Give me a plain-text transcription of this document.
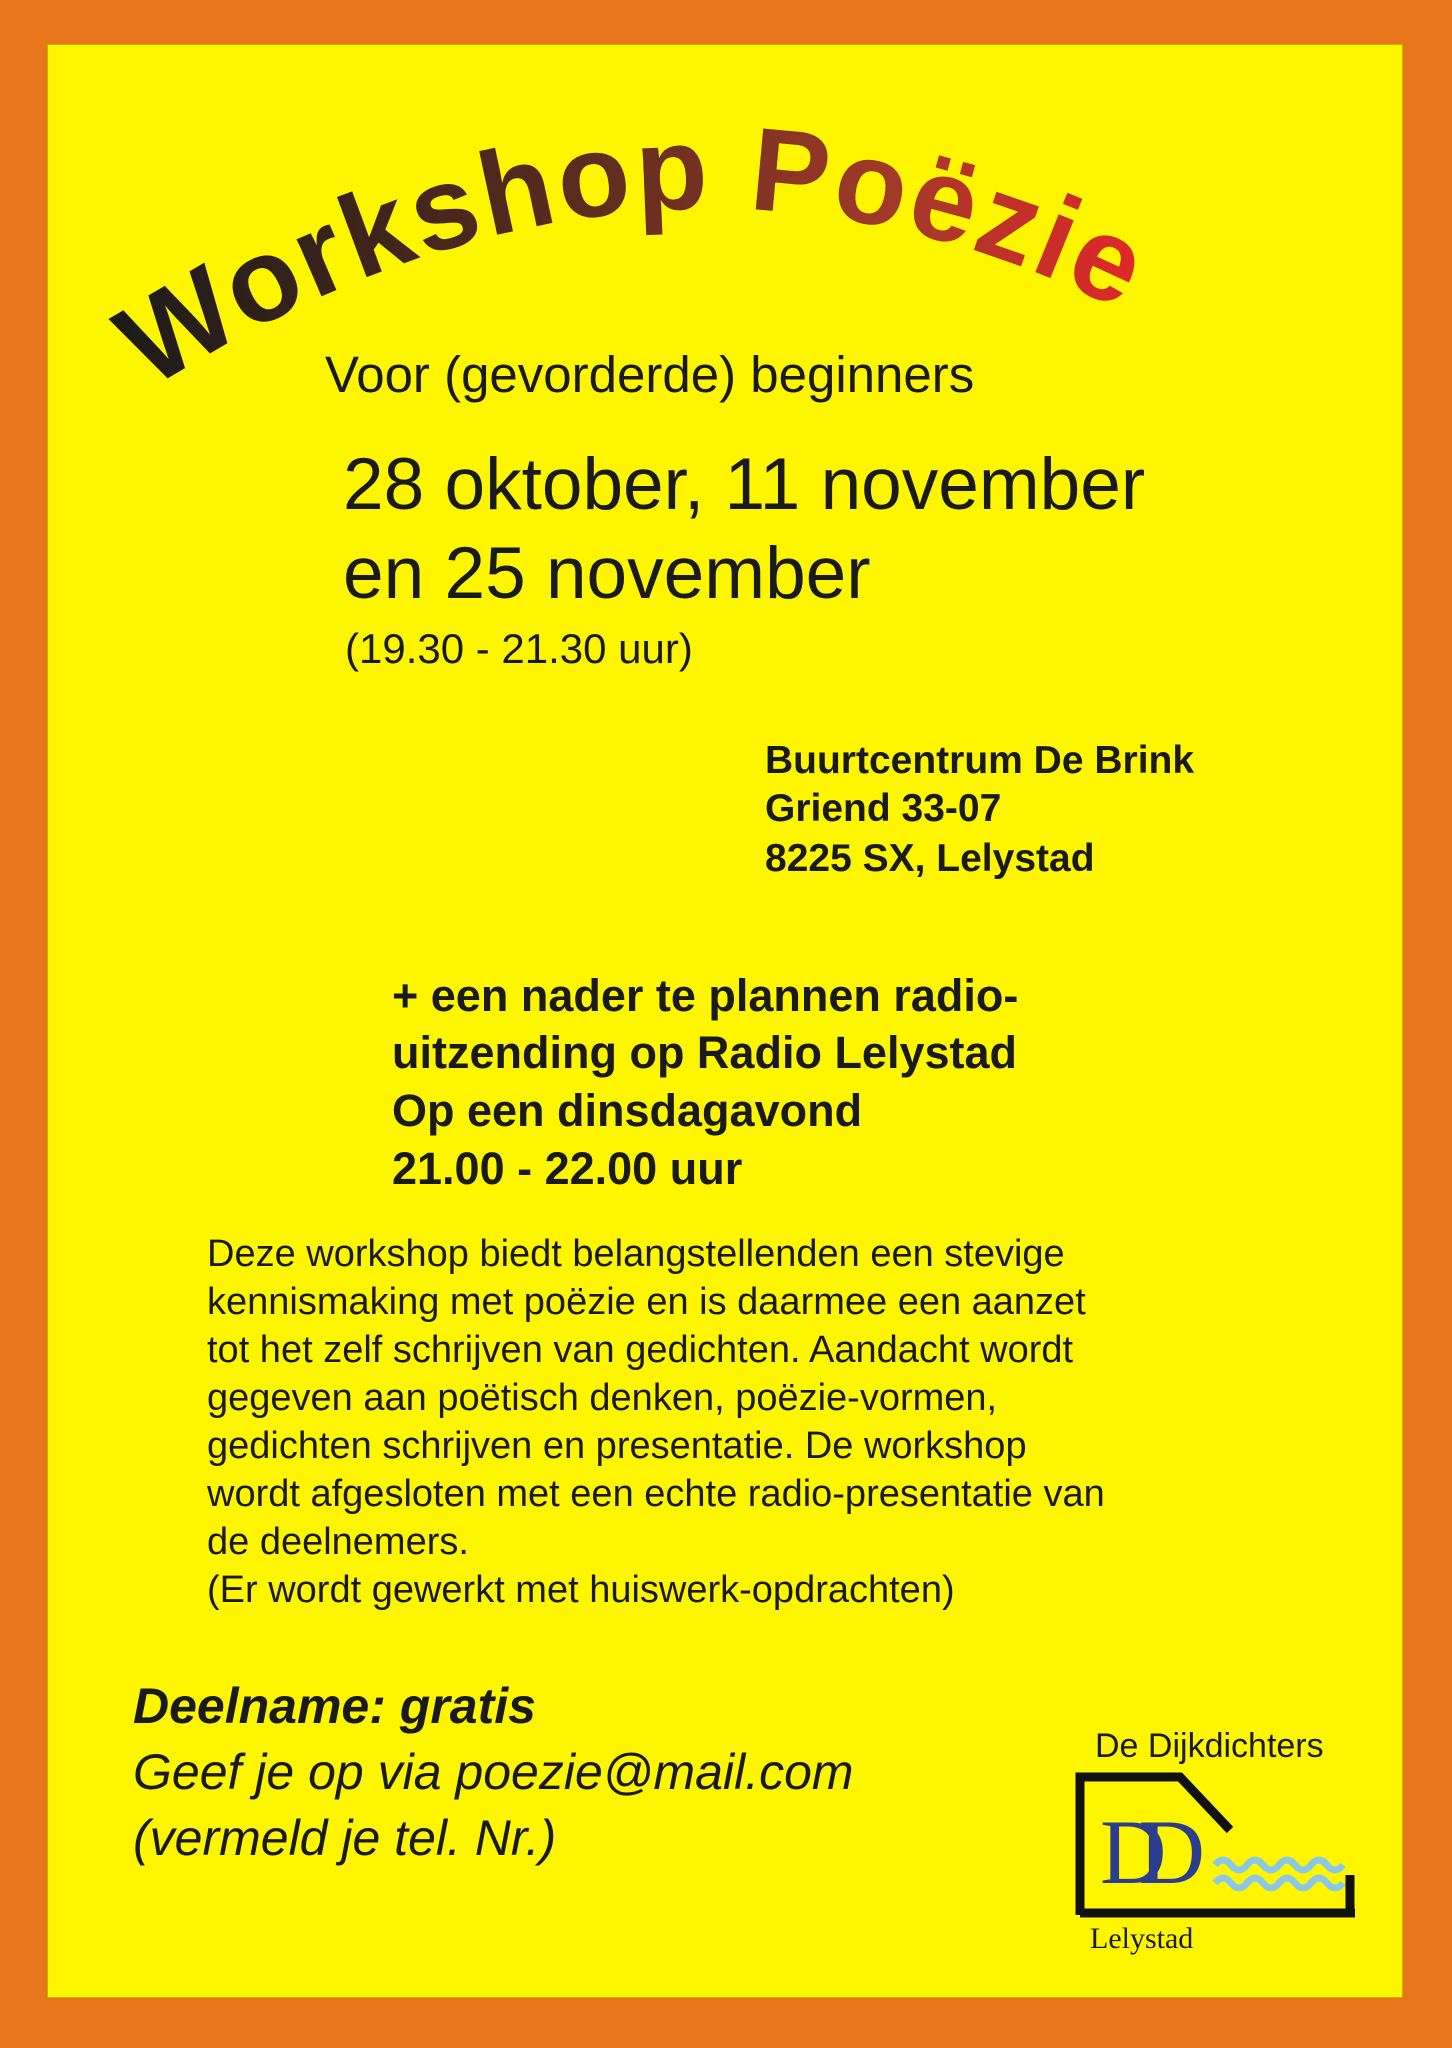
Workshop Poëzie
Voor (gevorderde) beginners
28 oktober, 11 november
en 25 november
(19.30 - 21.30 uur)
Buurtcentrum De Brink
Griend 33-07
8225 SX, Lelystad
+ een nader te plannen radio-
uitzending op Radio Lelystad
Op een dinsdagavond
21.00 - 22.00 uur
Deze workshop biedt belangstellenden een stevige
kennismaking met poëzie en is daarmee een aanzet
tot het zelf schrijven van gedichten. Aandacht wordt
gegeven aan poëtisch denken, poëzie-vormen,
gedichten schrijven en presentatie. De workshop
wordt afgesloten met een echte radio-presentatie van
de deelnemers.
(Er wordt gewerkt met huiswerk-opdrachten)
Deelname: gratis
Geef je op via poezie@mail.com
(vermeld je tel. Nr.)
De Dijkdichters
DD
Lelystad
